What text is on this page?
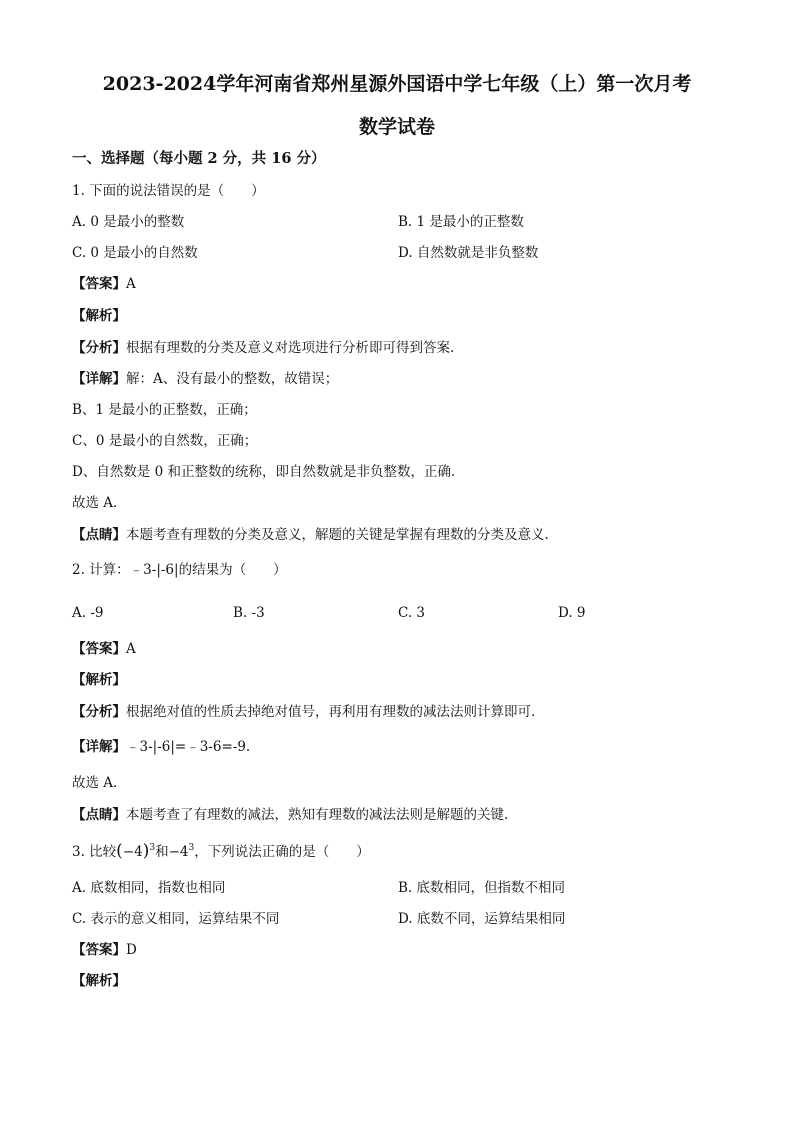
2023-2024学年河南省郑州星源外国语中学七年级（上）第一次月考
数学试卷
一、选择题（每小题 2 分，共 16 分）
1. 下面的说法错误的是（　　）
A. 0 是最小的整数	B. 1 是最小的正整数
C. 0 是最小的自然数	D. 自然数就是非负整数
【答案】A
【解析】
【分析】根据有理数的分类及意义对选项进行分析即可得到答案.
【详解】解：A、没有最小的整数，故错误；
B、1 是最小的正整数，正确；
C、0 是最小的自然数，正确；
D、自然数是 0 和正整数的统称，即自然数就是非负整数，正确．
故选 A．
【点睛】本题考查有理数的分类及意义，解题的关键是掌握有理数的分类及意义.
2. 计算：﹣3-|-6|的结果为（　　）
A. -9	B. -3	C. 3	D. 9
【答案】A
【解析】
【分析】根据绝对值的性质去掉绝对值号，再利用有理数的减法法则计算即可.
【详解】﹣3-|-6|=﹣3-6=-9.
故选 A.
【点睛】本题考查了有理数的减法，熟知有理数的减法法则是解题的关键.
3. 比较$(-4)^3$和$-4^3$，下列说法正确的是（　　）
A. 底数相同，指数也相同	B. 底数相同，但指数不相同
C. 表示的意义相同，运算结果不同	D. 底数不同，运算结果相同
【答案】D
【解析】
